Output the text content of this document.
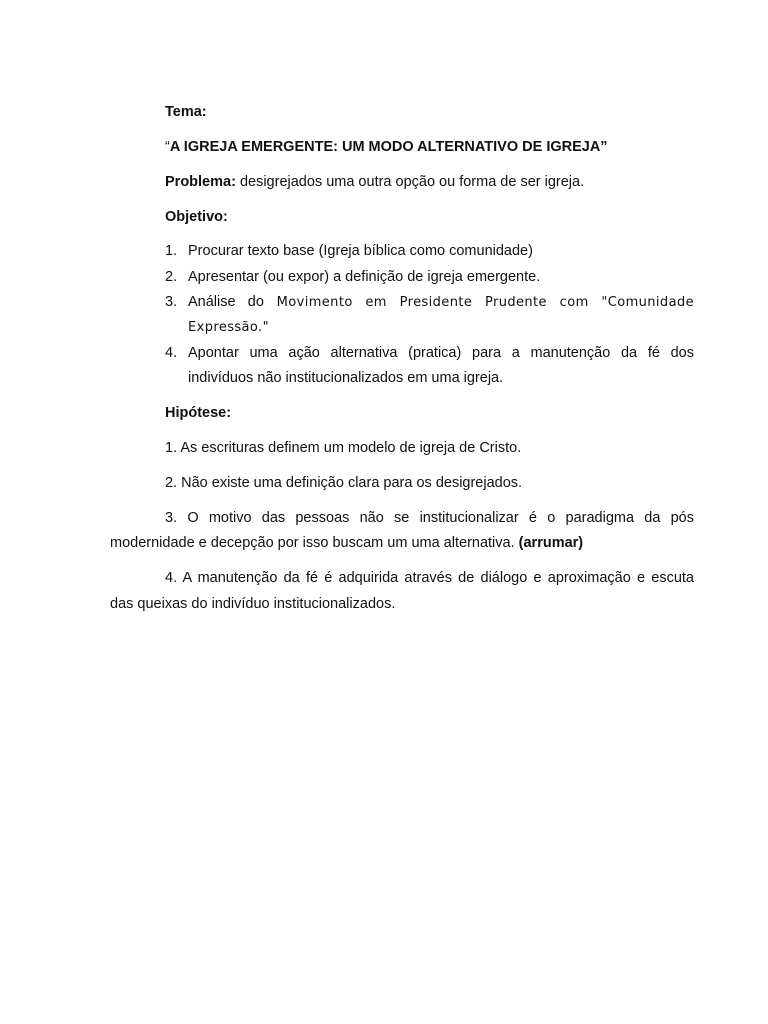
Tema:
“A IGREJA EMERGENTE: UM MODO ALTERNATIVO DE IGREJA”
Problema: desigrejados uma outra opção ou forma de ser igreja.
Objetivo:
1. Procurar texto base (Igreja bíblica como comunidade)
2. Apresentar (ou expor) a definição de igreja emergente.
3. Análise do Movimento em Presidente Prudente com "Comunidade
Expressão."
4. Apontar uma ação alternativa (pratica) para a manutenção da fé dos
indivíduos não institucionalizados em uma igreja.
Hipótese:
1. As escrituras definem um modelo de igreja de Cristo.
2. Não existe uma definição clara para os desigrejados.
3. O motivo das pessoas não se institucionalizar é o paradigma da pós
modernidade e decepção por isso buscam um uma alternativa. (arrumar)
4. A manutenção da fé é adquirida através de diálogo e aproximação e escuta
das queixas do indivíduo institucionalizados.
